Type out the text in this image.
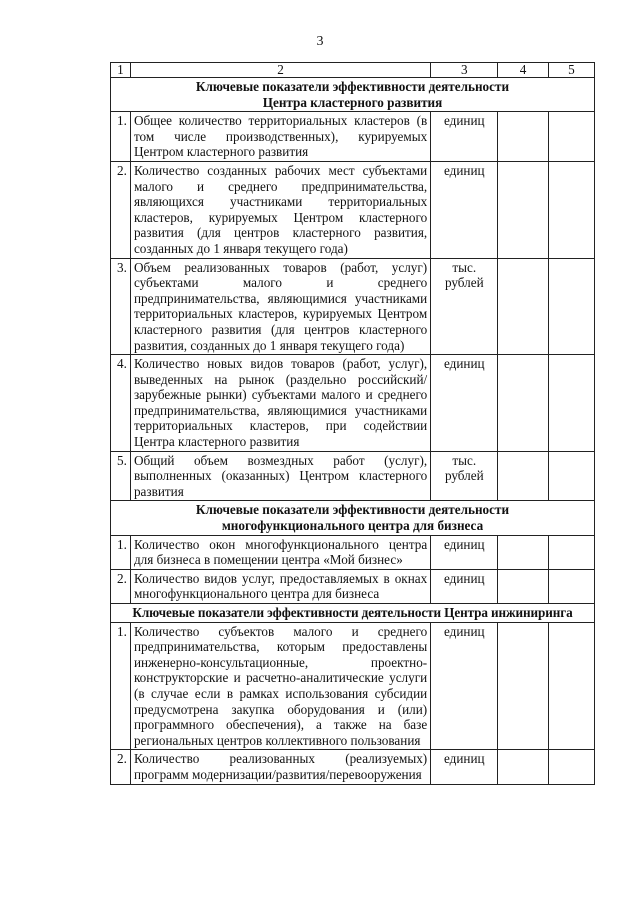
3
1	2	3	4	5
Ключевые показатели эффективности деятельности
Центра кластерного развития				
1.	Общее количество территориальных кластеров (в том числе производственных), курируемых Центром кластерного развития	единиц		
2.	Количество созданных рабочих мест субъектами малого и среднего предпринимательства, являющихся участниками территориальных кластеров, курируемых Центром кластерного развития (для центров кластерного развития, созданных до 1 января текущего года)	единиц		
3.	Объем реализованных товаров (работ, услуг) субъектами малого и среднего предпринимательства, являющимися участниками территориальных кластеров, курируемых Центром кластерного развития (для центров кластерного развития, созданных до 1 января текущего года)	тыс. рублей		
4.	Количество новых видов товаров (работ, услуг), выведенных на рынок (раздельно российский/зарубежные рынки) субъектами малого и среднего предпринимательства, являющимися участниками территориальных кластеров, при содействии Центра кластерного развития	единиц		
5.	Общий объем возмездных работ (услуг), выполненных (оказанных) Центром кластерного развития	тыс. рублей		
Ключевые показатели эффективности деятельности
многофункционального центра для бизнеса				
1.	Количество окон многофункционального центра для бизнеса в помещении центра «Мой бизнес»	единиц		
2.	Количество видов услуг, предоставляемых в окнах многофункционального центра для бизнеса	единиц		
Ключевые показатели эффективности деятельности Центра инжиниринга				
1.	Количество субъектов малого и среднего предпринимательства, которым предоставлены инженерно-консультационные, проектно-конструкторские и расчетно-аналитические услуги (в случае если в рамках использования субсидии предусмотрена закупка оборудования и (или) программного обеспечения), а также на базе региональных центров коллективного пользования	единиц		
2.	Количество реализованных (реализуемых) программ модернизации/развития/перевооружения	единиц		
